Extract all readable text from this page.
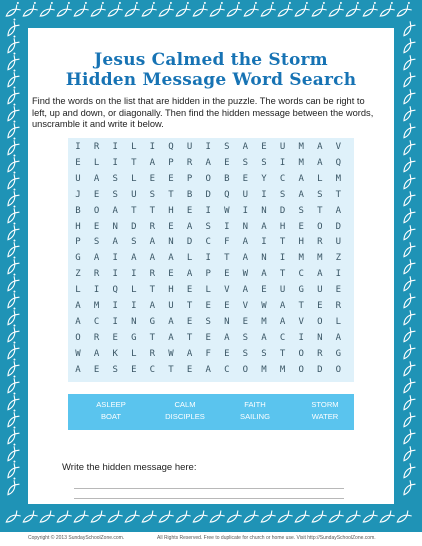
Jesus Calmed the Storm
Hidden Message Word Search
Find the words on the list that are hidden in the puzzle. The words can be right to left, up and down, or diagonally. Then find the hidden message between the words, unscramble it and write it below.
I	R	I	L	I	Q	U	I	S	A	E	U	M	A	V
E	L	I	T	A	P	R	A	E	S	S	I	M	A	Q
U	A	S	L	E	E	P	O	B	E	Y	C	A	L	M
J	E	S	U	S	T	B	D	Q	U	I	S	A	S	T
B	O	A	T	T	H	E	I	W	I	N	D	S	T	A
H	E	N	D	R	E	A	S	I	N	A	H	E	O	D
P	S	A	S	A	N	D	C	F	A	I	T	H	R	U
G	A	I	A	A	A	L	I	T	A	N	I	M	M	Z
Z	R	I	I	R	E	A	P	E	W	A	T	C	A	I
L	I	Q	L	T	H	E	L	V	A	E	U	G	U	E
A	M	I	I	A	U	T	E	E	V	W	A	T	E	R
A	C	I	N	G	A	E	S	N	E	M	A	V	O	L
O	R	E	G	T	A	T	E	A	S	A	C	I	N	A
W	A	K	L	R	W	A	F	E	S	S	T	O	R	G
A	E	S	E	C	T	E	A	C	O	M	M	O	D	O
ASLEEP	CALM	FAITH	STORM
BOAT	DISCIPLES	SAILING	WATER
Write the hidden message here:
Copyright © 2013 SundaySchoolZone.com.	All Rights Reserved. Free to duplicate for church or home use. Visit http://SundaySchoolZone.com.
